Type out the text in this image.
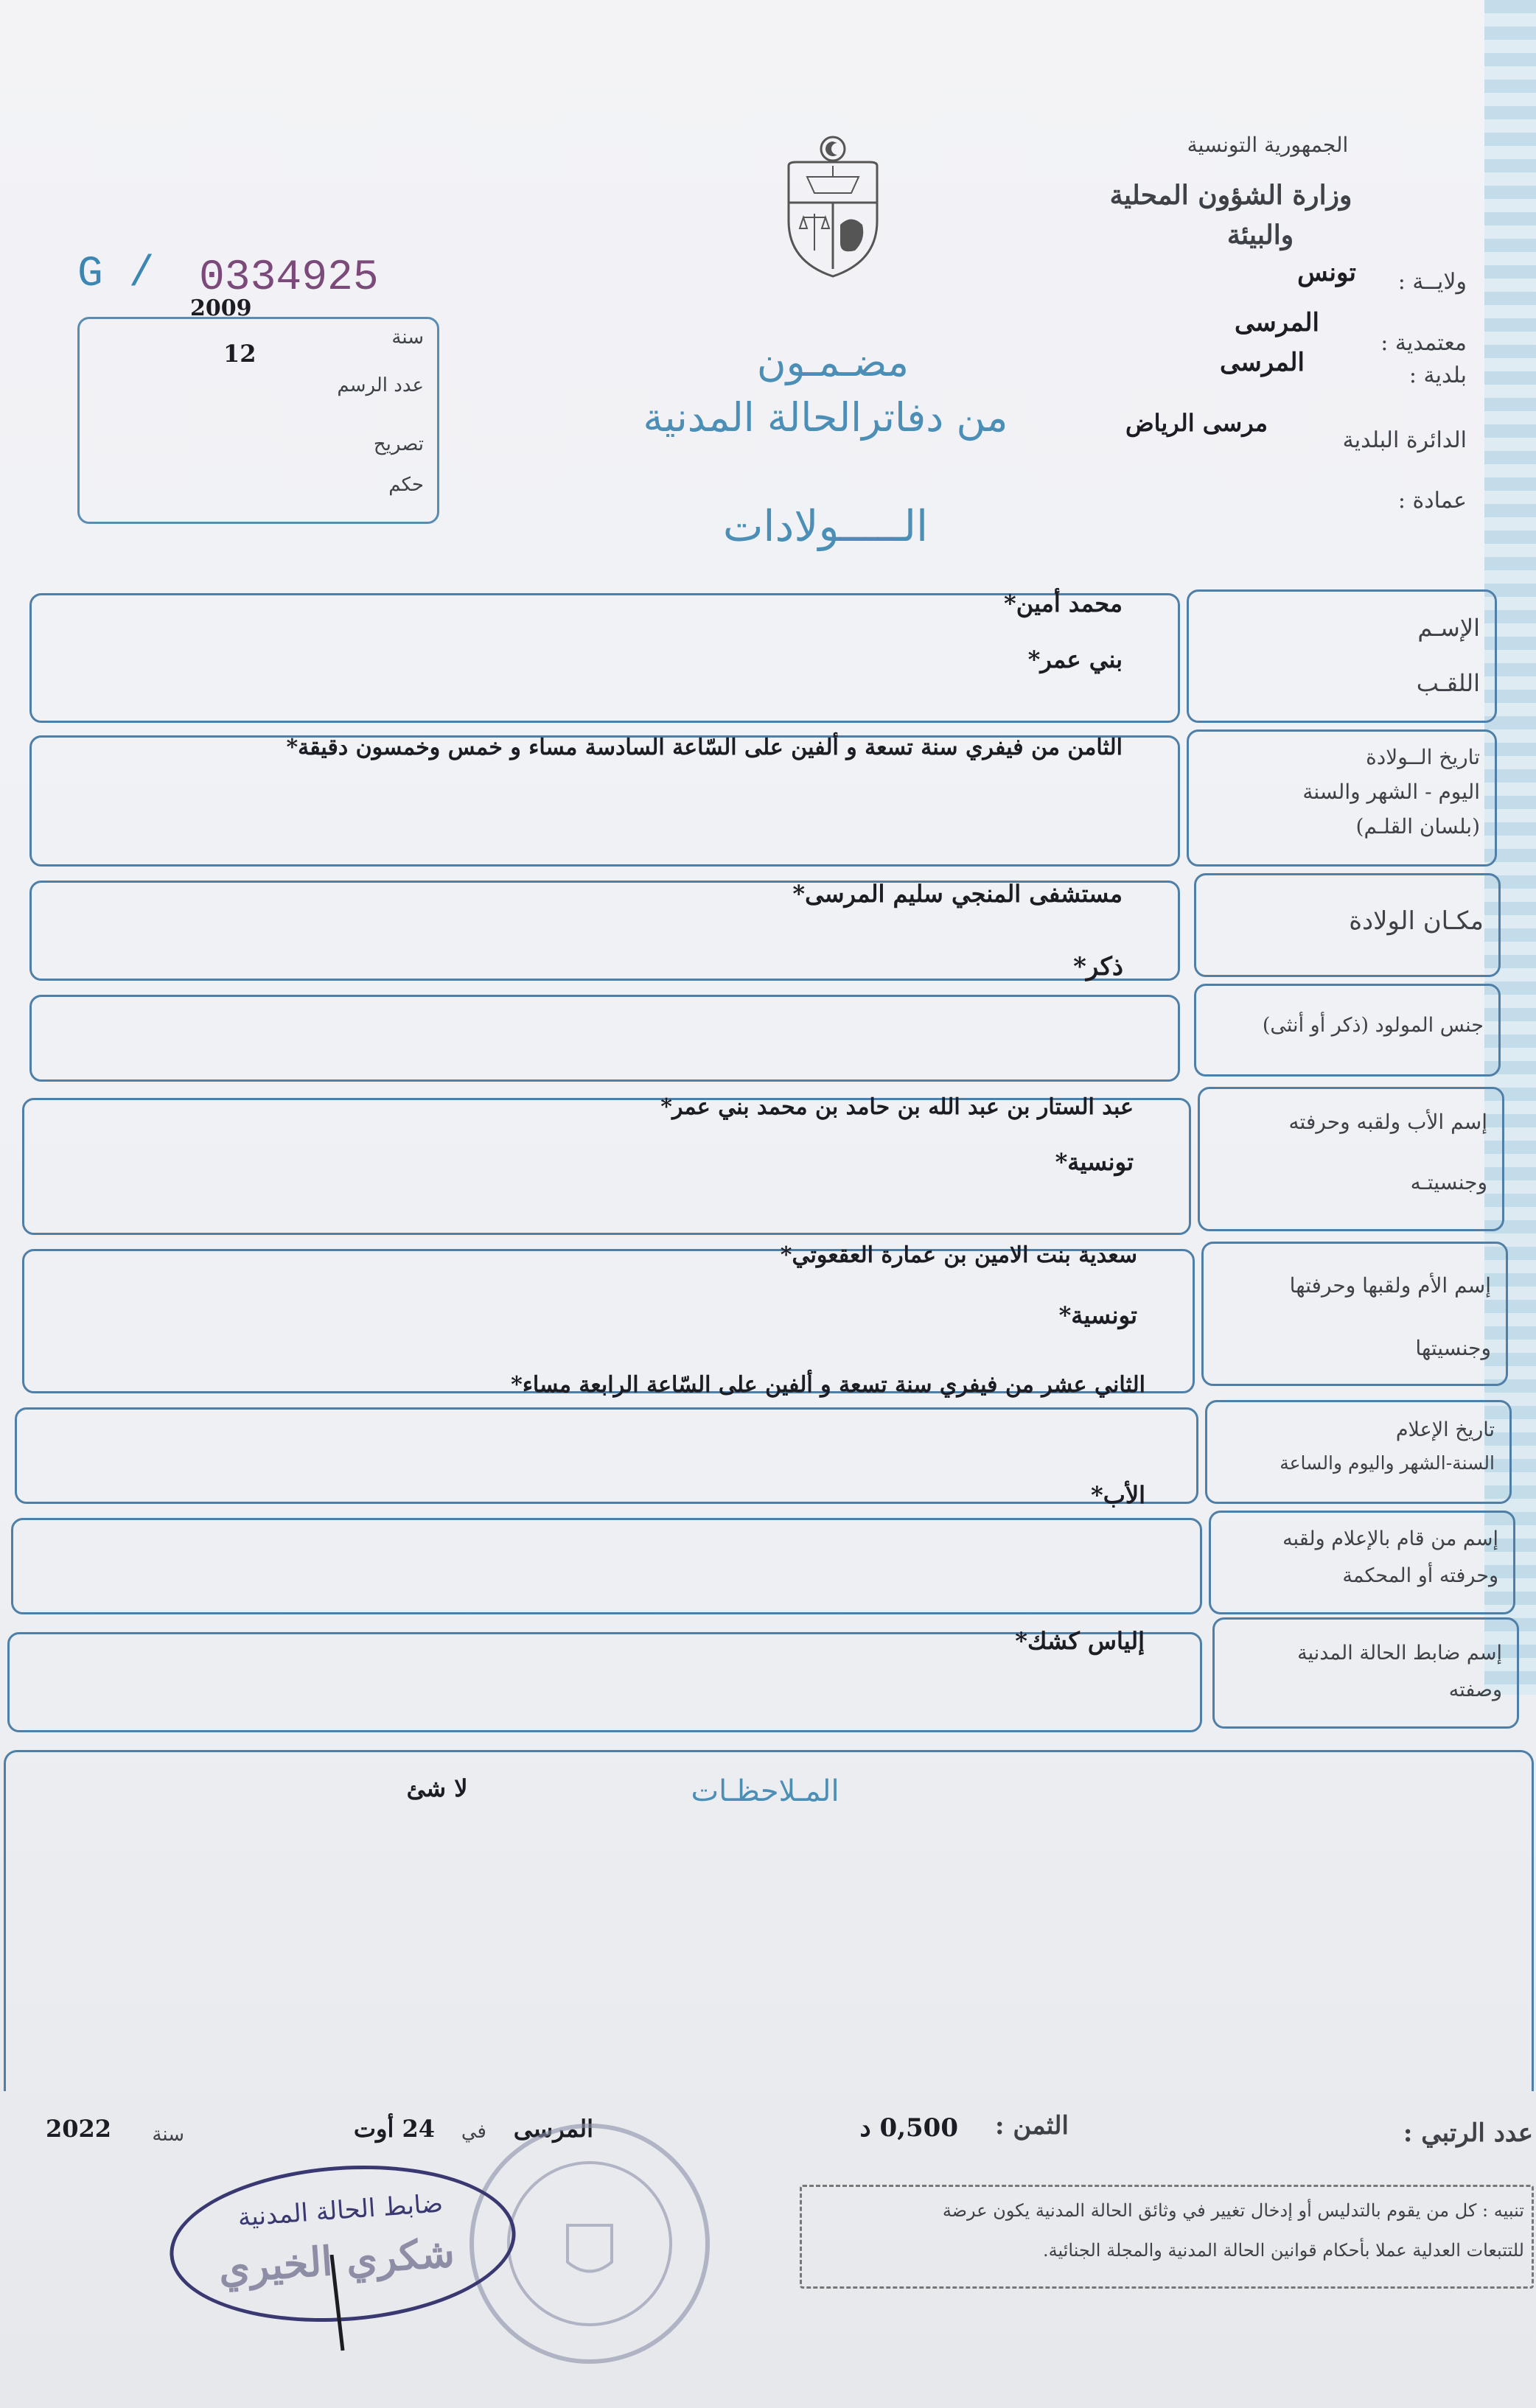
الجمهورية التونسية
وزارة الشؤون المحلية
والبيئة
ولايــة :
تونس
معتمدية :
المرسى
بلدية :
المرسى
الدائرة البلدية
مرسى الرياض
عمادة :
G / 0334925
سنة
2009
عدد الرسم
12
تصريح
حكم
مضـمـون
من دفاترالحالة المدنية
الـــــولادات
الإسـم
اللقـب
محمد أمين*
بني عمر*
تاريخ الــولادة
اليوم - الشهر والسنة
(بلسان القلـم)
الثامن من فيفري سنة تسعة و ألفين على السّاعة السادسة مساء و خمس وخمسون دقيقة*
مكـان الولادة
مستشفى المنجي سليم المرسى*
جنس المولود (ذكر أو أنثى)
ذكر*
إسم الأب ولقبه وحرفته
وجنسيتـه
عبد الستار بن عبد الله بن حامد بن محمد بني عمر*
تونسية*
إسم الأم ولقبها وحرفتها
وجنسيتها
سعدية بنت الامين بن عمارة العقعوتي*
تونسية*
تاريخ الإعلام
السنة-الشهر واليوم والساعة
الثاني عشر من فيفري سنة تسعة و ألفين على السّاعة الرابعة مساء*
إسم من قام بالإعلام ولقبه
وحرفته أو المحكمة
الأب*
إسم ضابط الحالة المدنية
وصفته
إلياس كشك*
المـلاحظـات
لا شئ
عدد الرتبي :
الثمن :
0,500 د
في	المرسى
24 أوت
سنة
2022
تنبيه : كل من يقوم بالتدليس أو إدخال تغيير في وثائق الحالة المدنية يكون عرضة
للتتبعات العدلية عملا بأحكام قوانين الحالة المدنية والمجلة الجنائية.
ضابط الحالة المدنية
شكري الخيري
